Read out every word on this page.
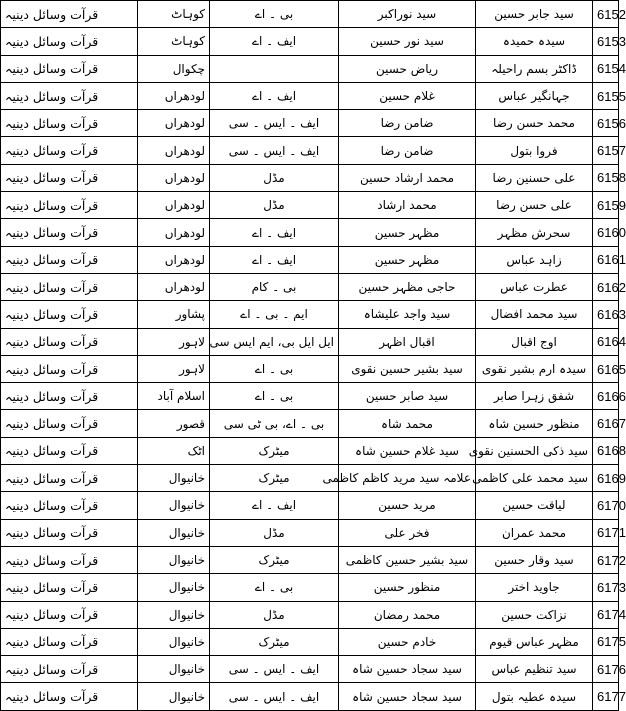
قرآت وسائل دینیہ	کوہاٹ	بی ۔ اے	سید نوراکبر	سید جابر حسین	6152
قرآت وسائل دینیہ	کوہاٹ	ایف ۔ اے	سید نور حسین	سیدہ حمیدہ	6153
قرآت وسائل دینیہ	چکوال		ریاض حسین	ڈاکٹر بسم راحیلہ	6154
قرآت وسائل دینیہ	لودھراں	ایف ۔ اے	غلام حسین	جہانگیر عباس	6155
قرآت وسائل دینیہ	لودھراں	ایف ۔ ایس ۔ سی	ضامن رضا	محمد حسن رضا	6156
قرآت وسائل دینیہ	لودھراں	ایف ۔ ایس ۔ سی	ضامن رضا	فروا بتول	6157
قرآت وسائل دینیہ	لودھراں	مڈل	محمد ارشاد حسین	علی حسنین رضا	6158
قرآت وسائل دینیہ	لودھراں	مڈل	محمد ارشاد	علی حسن رضا	6159
قرآت وسائل دینیہ	لودھراں	ایف ۔ اے	مظہر حسین	سحرش مظہر	6160
قرآت وسائل دینیہ	لودھراں	ایف ۔ اے	مظہر حسین	زاہد عباس	6161
قرآت وسائل دینیہ	لودھراں	بی ۔ کام	حاجی مظہر حسین	عطرت عباس	6162
قرآت وسائل دینیہ	پشاور	ایم ۔ بی ۔ اے	سید واجد علیشاہ	سید محمد افضال	6163
قرآت وسائل دینیہ	لاہور	ایل ایل بی، ایم ایس سی	اقبال اظہر	اوج اقبال	6164
قرآت وسائل دینیہ	لاہور	بی ۔ اے	سید بشیر حسین نقوی	سیدہ ارم بشیر نقوی	6165
قرآت وسائل دینیہ	اسلام آباد	بی ۔ اے	سید صابر حسین	شفق زہرا صابر	6166
قرآت وسائل دینیہ	قصور	بی ۔ اے، بی ٹی سی	محمد شاہ	منظور حسین شاہ	6167
قرآت وسائل دینیہ	اٹک	میٹرک	سید غلام حسین شاہ	سید ذکی الحسنین نقوی	6168
قرآت وسائل دینیہ	خانیوال	میٹرک	علامہ سید مرید کاظم کاظمی	سید محمد علی کاظمی	6169
قرآت وسائل دینیہ	خانیوال	ایف ۔ اے	مرید حسین	لیاقت حسین	6170
قرآت وسائل دینیہ	خانیوال	مڈل	فخر علی	محمد عمران	6171
قرآت وسائل دینیہ	خانیوال	میٹرک	سید بشیر حسین کاظمی	سید وقار حسین	6172
قرآت وسائل دینیہ	خانیوال	بی ۔ اے	منظور حسین	جاوید اختر	6173
قرآت وسائل دینیہ	خانیوال	مڈل	محمد رمضان	نزاکت حسین	6174
قرآت وسائل دینیہ	خانیوال	میٹرک	خادم حسین	مظہر عباس قیوم	6175
قرآت وسائل دینیہ	خانیوال	ایف ۔ ایس ۔ سی	سید سجاد حسین شاہ	سید تنظیم عباس	6176
قرآت وسائل دینیہ	خانیوال	ایف ۔ ایس ۔ سی	سید سجاد حسین شاہ	سیدہ عطیہ بتول	6177
